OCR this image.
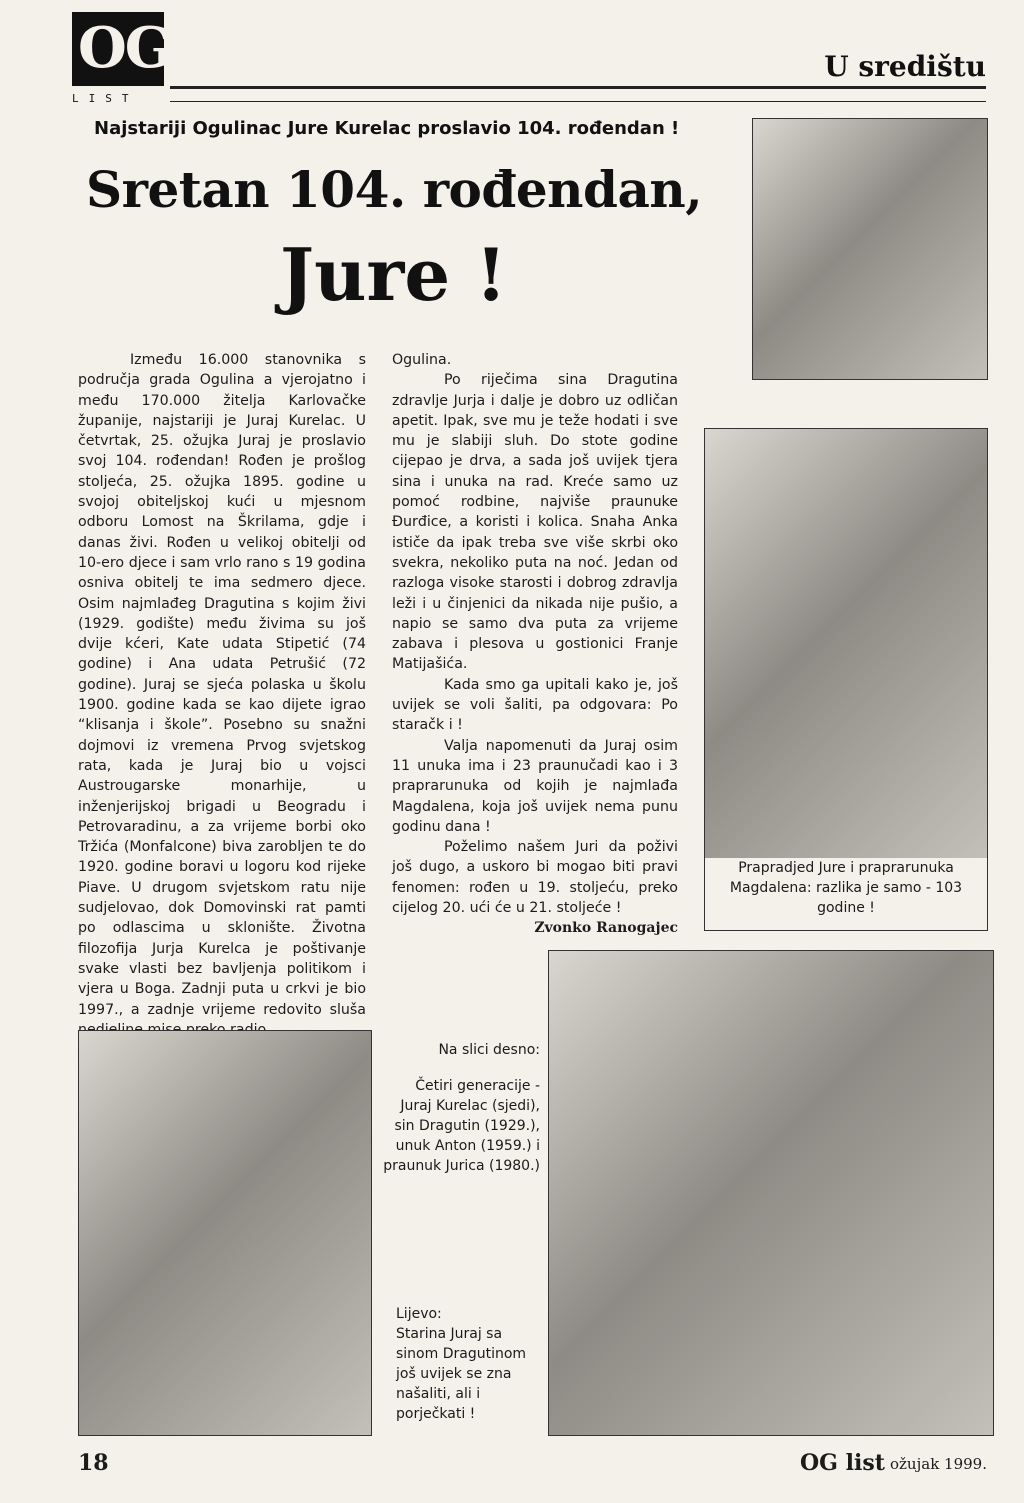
OG
LIST
U središtu
Najstariji Ogulinac Jure Kurelac proslavio 104. rođendan !
Sretan 104. rođendan,
Jure !

Između 16.000 stanovnika s područja grada Ogulina a vjerojatno i među 170.000 žitelja Karlovačke županije, najstariji je Juraj Kurelac. U četvrtak, 25. ožujka Juraj je proslavio svoj 104. rođendan! Rođen je prošlog stoljeća, 25. ožujka 1895. godine u svojoj obiteljskoj kući u mjesnom odboru Lomost na Škrilama, gdje i danas živi. Rođen u velikoj obitelji od 10-ero djece i sam vrlo rano s 19 godina osniva obitelj te ima sedmero djece. Osim najmlađeg Dragutina s kojim živi (1929. godište) među živima su još dvije kćeri, Kate udata Stipetić (74 godine) i Ana udata Petrušić (72 godine). Juraj se sjeća polaska u školu 1900. godine kada se kao dijete igrao “klisanja i škole”. Posebno su snažni dojmovi iz vremena Prvog svjetskog rata, kada je Juraj bio u vojsci Austrougarske monarhije, u inženjerijskoj brigadi u Beogradu i Petrovaradinu, a za vrijeme borbi oko Tržića (Monfalcone) biva zarobljen te do 1920. godine boravi u logoru kod rijeke Piave. U drugom svjetskom ratu nije sudjelovao, dok Domovinski rat pamti po odlascima u sklonište. Životna filozofija Jurja Kurelca je poštivanje svake vlasti bez bavljenja politikom i vjera u Boga. Zadnji puta u crkvi je bio 1997., a zadnje vrijeme redovito sluša

Ogulina.

Po riječima sina Dragutina zdravlje Jurja i dalje je dobro uz odličan apetit. Ipak, sve mu je teže hodati i sve mu je slabiji sluh. Do stote godine cijepao je drva, a sada još uvijek tjera sina i unuka na rad. Kreće samo uz pomoć rodbine, najviše praunuke Đurđice, a koristi i kolica. Snaha Anka ističe da ipak treba sve više skrbi oko svekra, nekoliko puta na noć. Jedan od razloga visoke starosti i dobrog zdravlja leži i u činjenici da nikada nije pušio, a napio se samo dva puta za vrijeme zabava i plesova u gostionici Franje Matijašića.

Kada smo ga upitali kako je, još uvijek se voli šaliti, pa odgovara: Po staračk i !

Valja napomenuti da Juraj osim 11 unuka ima i 23 praunučadi kao i 3 praprarunuka od kojih je najmlađa Magdalena, koja još uvijek nema punu godinu dana !

Poželimo našem Juri da poživi još dugo, a uskoro bi mogao biti pravi fenomen: rođen u 19. stoljeću, preko cijelog 20. ući će u 21. stoljeće !

Zvonko Ranogajec
Prapradjed Jure i praprarunuka Magdalena: razlika je samo - 103 godine !
Na slici desno:
Četiri generacije - Juraj Kurelac (sjedi), sin Dragutin (1929.), unuk Anton (1959.) i praunuk Jurica (1980.)
Lijevo:
Starina Juraj sa sinom Dragutinom još uvijek se zna našaliti, ali i porječkati !
18	OG list ožujak 1999.
